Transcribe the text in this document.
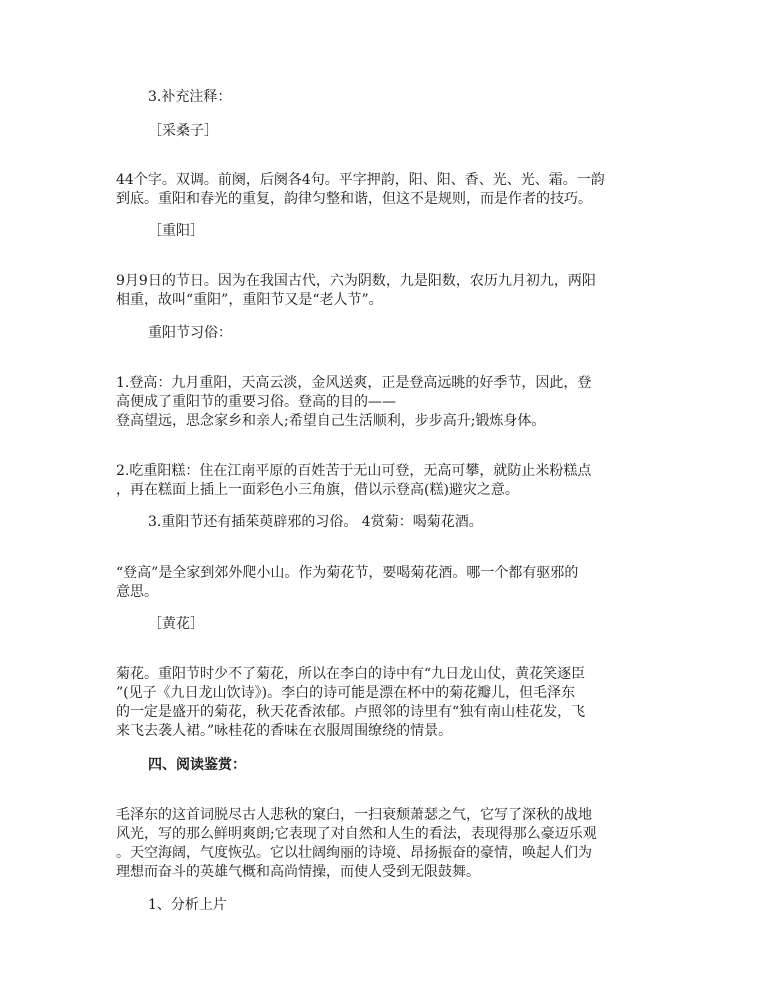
3.补充注释：
［采桑子］
44个字。双调。前阕，后阕各4句。平字押韵，阳、阳、香、光、光、霜。一韵
到底。重阳和春光的重复，韵律匀整和谐，但这不是规则，而是作者的技巧。
［重阳］
9月9日的节日。因为在我国古代，六为阴数，九是阳数，农历九月初九，两阳
相重，故叫“重阳”，重阳节又是“老人节”。
重阳节习俗：
1.登高：九月重阳，天高云淡，金风送爽，正是登高远眺的好季节，因此，登
高便成了重阳节的重要习俗。登高的目的——
登高望远，思念家乡和亲人;希望自己生活顺利，步步高升;锻炼身体。
2.吃重阳糕：住在江南平原的百姓苦于无山可登，无高可攀，就防止米粉糕点
，再在糕面上插上一面彩色小三角旗，借以示登高(糕)避灾之意。
3.重阳节还有插茱萸辟邪的习俗。 4赏菊：喝菊花酒。
“登高”是全家到郊外爬小山。作为菊花节，要喝菊花酒。哪一个都有驱邪的
意思。
［黄花］
菊花。重阳节时少不了菊花，所以在李白的诗中有“九日龙山仗，黄花笑逐臣
”(见子《九日龙山饮诗》)。李白的诗可能是漂在杯中的菊花瓣儿，但毛泽东
的一定是盛开的菊花，秋天花香浓郁。卢照邻的诗里有“独有南山桂花发，飞
来飞去袭人裙。”咏桂花的香味在衣服周围缭绕的情景。
四、阅读鉴赏：
毛泽东的这首词脱尽古人悲秋的窠臼，一扫衰颓萧瑟之气，它写了深秋的战地
风光，写的那么鲜明爽朗;它表现了对自然和人生的看法，表现得那么豪迈乐观
。天空海阔，气度恢弘。它以壮阔绚丽的诗境、昂扬振奋的豪情，唤起人们为
理想而奋斗的英雄气概和高尚情操，而使人受到无限鼓舞。
1、分析上片
